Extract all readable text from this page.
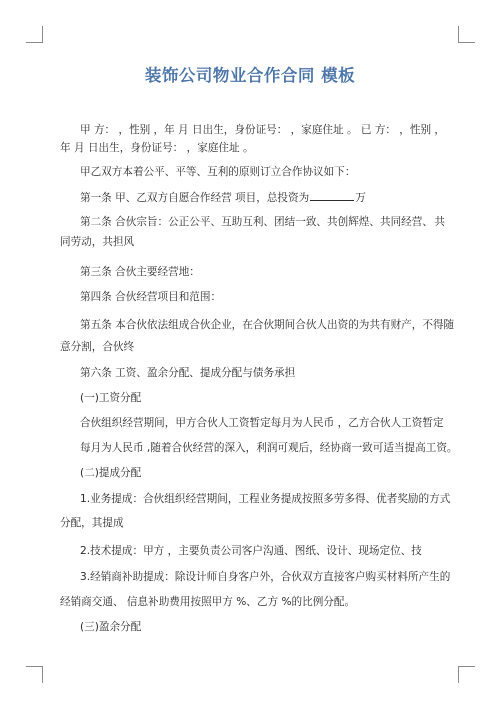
装饰公司物业合作合同 模板
甲 方： ，性别 ，年 月 日出生，身份证号： ，家庭住址 。 已 方： ，性别 ，
年 月 日出生，身份证号： ，家庭住址 。
甲乙双方本着公平、平等、互利的原则订立合作协议如下：
第一条 甲、乙双方自愿合作经营 项目，总投资为	万
第二条 合伙宗旨：公正公平、互助互利、团结一致、共创辉煌、共同经营、 共
同劳动，共担风
第三条 合伙主要经营地：
第四条 合伙经营项目和范围：
第五条 本合伙依法组成合伙企业，在合伙期间合伙人出资的为共有财产，不得随
意分割，合伙终
第六条 工资、盈余分配、提成分配与债务承担
(一)工资分配
合伙组织经营期间，甲方合伙人工资暂定每月为人民币 ，乙方合伙人工资暂定
每月为人民币 ,随着合伙经营的深入，利润可观后，经协商一致可适当提高工资。
(二)提成分配
1.业务提成：合伙组织经营期间，工程业务提成按照多劳多得、优者奖励的方式
分配，其提成
2.技术提成：甲方 ，主要负责公司客户沟通、图纸、设计、现场定位、技
3.经销商补助提成：除设计师自身客户外，合伙双方直接客户购买材料所产生的
经销商交通、 信息补助费用按照甲方 %、乙方 %的比例分配。
(三)盈余分配
